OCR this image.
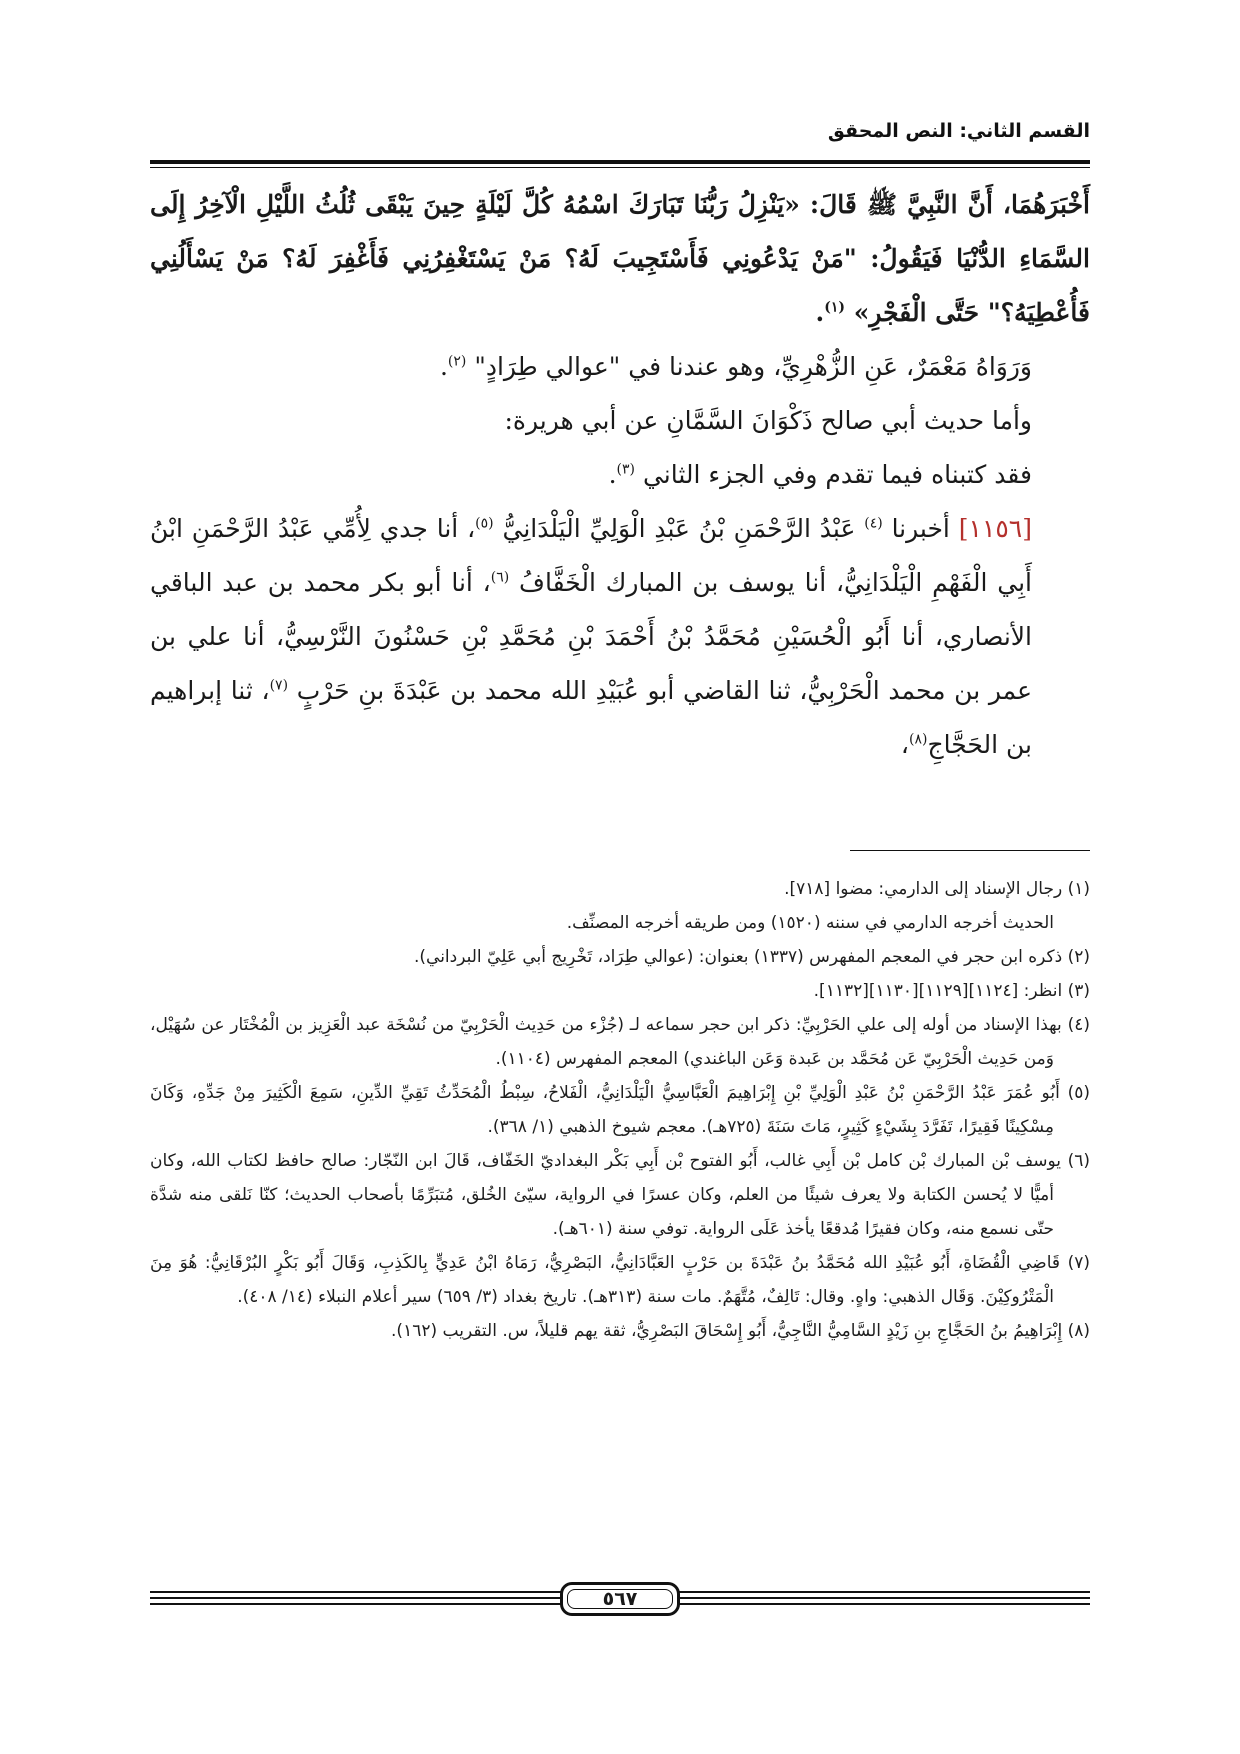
القسم الثاني: النص المحقق

أَخْبَرَهُمَا، أَنَّ النَّبِيَّ ﷺ قَالَ: «يَنْزِلُ رَبُّنَا تَبَارَكَ اسْمُهُ كُلَّ لَيْلَةٍ حِينَ يَبْقَى ثُلُثُ اللَّيْلِ الْآخِرُ إِلَى السَّمَاءِ الدُّنْيَا فَيَقُولُ: "مَنْ يَدْعُونِي فَأَسْتَجِيبَ لَهُ؟ مَنْ يَسْتَغْفِرُنِي فَأَغْفِرَ لَهُ؟ مَنْ يَسْأَلُنِي فَأُعْطِيَهُ؟" حَتَّى الْفَجْرِ» $^{(١)}$.

وَرَوَاهُ مَعْمَرٌ، عَنِ الزُّهْرِيِّ، وهو عندنا في "عوالي طِرَادٍ" $^{(٢)}$.

وأما حديث أبي صالح ذَكْوَانَ السَّمَّانِ عن أبي هريرة:

فقد كتبناه فيما تقدم وفي الجزء الثاني $^{(٣)}$.

[١١٥٦] أخبرنا $^{(٤)}$ عَبْدُ الرَّحْمَنِ بْنُ عَبْدِ الْوَلِيِّ الْيَلْدَانِيُّ $^{(٥)}$، أنا جدي لِأُمِّي عَبْدُ الرَّحْمَنِ ابْنُ أَبِي الْفَهْمِ الْيَلْدَانِيُّ، أنا يوسف بن المبارك الْخَفَّافُ $^{(٦)}$، أنا أبو بكر محمد بن عبد الباقي الأنصاري، أنا أَبُو الْحُسَيْنِ مُحَمَّدُ بْنُ أَحْمَدَ بْنِ مُحَمَّدِ بْنِ حَسْنُونَ النَّرْسِيُّ، أنا علي بن عمر بن محمد الْحَرْبِيُّ، ثنا القاضي أبو عُبَيْدِ الله محمد بن عَبْدَةَ بنِ حَرْبٍ $^{(٧)}$، ثنا إبراهيم بن الحَجَّاجِ$^{(٨)}$،

(١) رجال الإسناد إلى الدارمي: مضوا [٧١٨].

الحديث أخرجه الدارمي في سننه (١٥٢٠) ومن طريقه أخرجه المصنِّف.

(٢) ذكره ابن حجر في المعجم المفهرس (١٣٣٧) بعنوان: (عوالي طِرَاد، تَخْرِيج أبي عَلِيّ البرداني).

(٣) انظر: [١١٢٤][١١٢٩][١١٣٠][١١٣٢].

(٤) بهذا الإسناد من أوله إلى علي الحَرْبِيِّ: ذكر ابن حجر سماعه لـ (جُزْء من حَدِيث الْحَرْبِيّ من نُسْخَة عبد الْعَزِيز بن الْمُخْتَار عن سُهَيْل، وَمن حَدِيث الْحَرْبِيّ عَن مُحَمَّد بن عَبدة وَعَن الباغندي) المعجم المفهرس (١١٠٤).

(٥) أَبُو عُمَرَ عَبْدُ الرَّحْمَنِ بْنُ عَبْدِ الْوَلِيِّ بْنِ إِبْرَاهِيمَ الْعَبَّاسِيُّ الْيَلْدَانِيُّ، الْفَلاحُ، سِبْطُ الْمُحَدِّثُ تَقِيِّ الدِّينِ، سَمِعَ الْكَثِيرَ مِنْ جَدِّهِ، وَكَانَ مِسْكِينًا فَقِيرًا، تَفَرَّدَ بِشَيْءٍ كَثِيرٍ، مَاتَ سَنَةَ (٧٢٥هـ). معجم شيوخ الذهبي (١/ ٣٦٨).

(٦) يوسف بْن المبارك بْن كامل بْن أَبِي غالب، أَبُو الفتوح بْن أَبِي بَكْر البغداديّ الخَفّاف، قَالَ ابن النّجّار: صالح حافظ لكتاب الله، وكان أميًّا لا يُحسن الكتابة ولا يعرف شيئًا من العلم، وكان عسرًا في الرواية، سيّئ الخُلق، مُتبَرِّمًا بأصحاب الحديث؛ كنّا نَلقى منه شدَّة حتّى نسمع منه، وكان فقيرًا مُدقعًا يأخذ عَلَى الرواية. توفي سنة (٦٠١هـ).

(٧) قَاضِي الْقُضَاةِ، أَبُو عُبَيْدِ الله مُحَمَّدُ بنُ عَبْدَةَ بن حَرْبٍ العَبَّادَانِيُّ، البَصْرِيُّ، رَمَاهُ ابْنُ عَدِيٍّ بِالكَذِبِ، وَقَالَ أَبُو بَكْرٍ البُرْقَانِيُّ: هُوَ مِنَ الْمَتْرُوكِيْنَ. وَقَال الذهبي: واهٍ. وقال: تَالِفٌ، مُتَّهَمٌ. مات سنة (٣١٣هـ). تاريخ بغداد (٣/ ٦٥٩) سير أعلام النبلاء (١٤/ ٤٠٨).

(٨) إِبْرَاهِيمُ بنُ الحَجَّاجِ بنِ زَيْدٍ السَّامِيُّ النَّاجِيُّ، أَبُو إِسْحَاقَ البَصْرِيُّ، ثقة يهم قليلاً، س. التقريب (١٦٢).

٥٦٧
